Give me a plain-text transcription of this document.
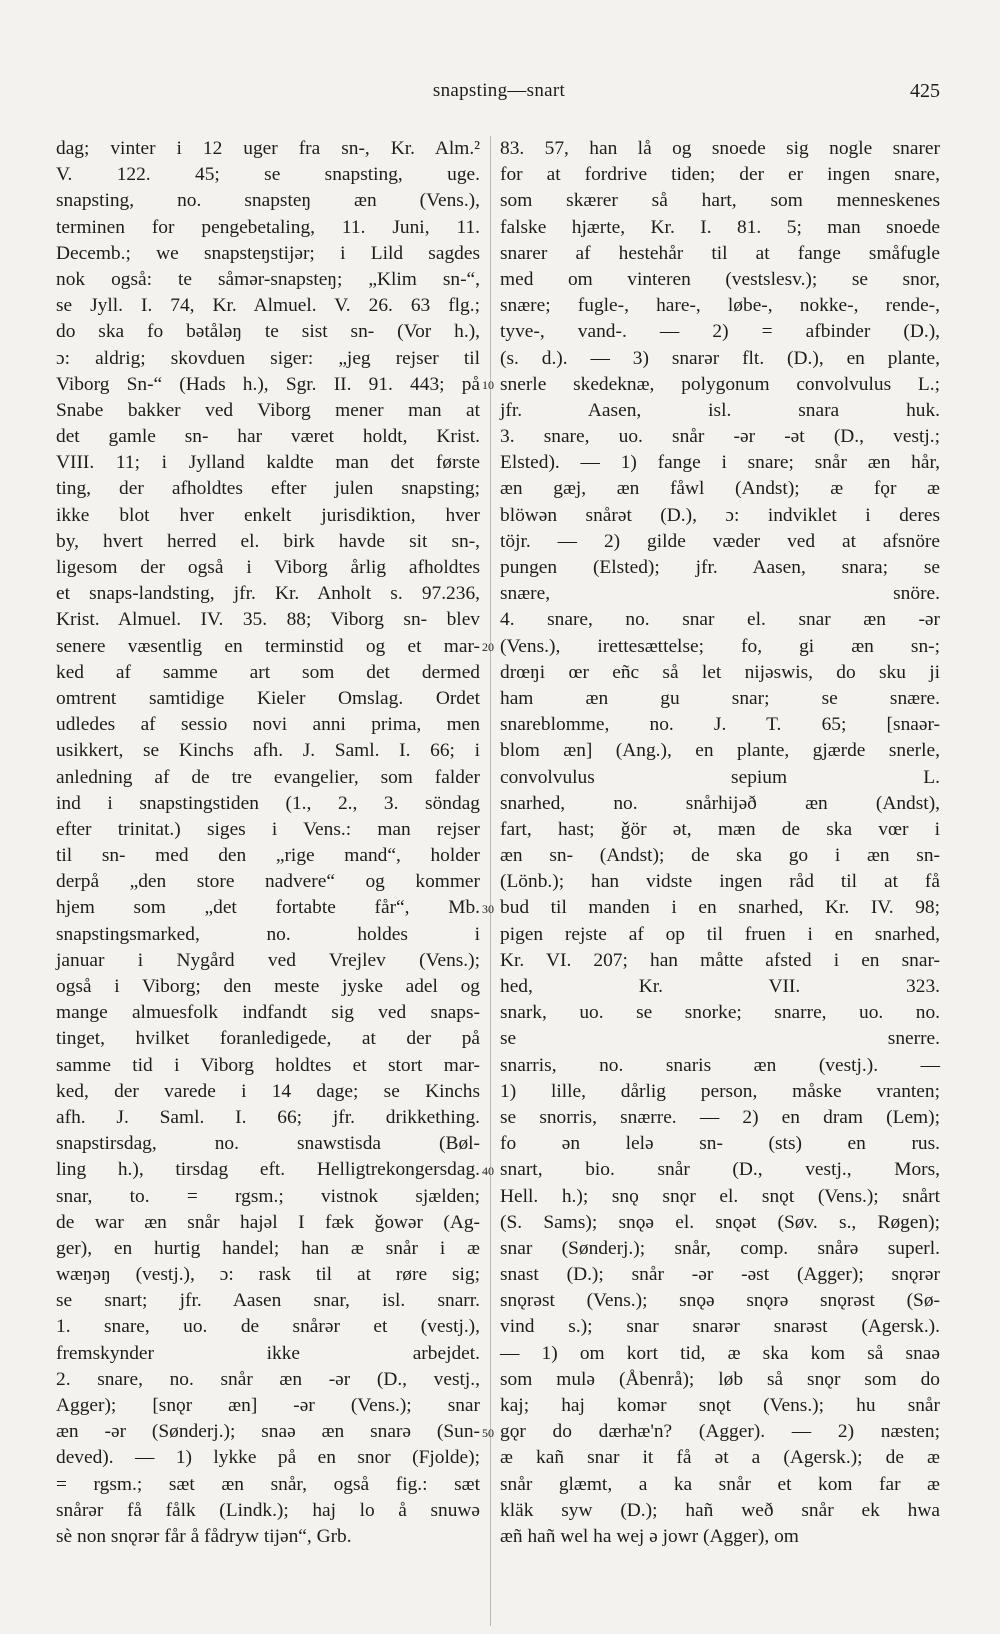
snapsting—snart	425
dag; vinter i 12 uger fra sn-, Kr. Alm.²
V. 122. 45; se snapsting, uge.
snapsting, no. snapsteŋ æn (Vens.),
terminen for pengebetaling, 11. Juni, 11.
Decemb.; we snapsteŋstijər; i Lild sagdes
nok også: te såmər-snapsteŋ; „Klim sn-“,
se Jyll. I. 74, Kr. Almuel. V. 26. 63 flg.;
do ska fo bətåləŋ te sist sn- (Vor h.),
ɔ: aldrig; skovduen siger: „jeg rejser til
Viborg Sn-“ (Hads h.), Sgr. II. 91. 443; på
Snabe bakker ved Viborg mener man at
det gamle sn- har været holdt, Krist.
VIII. 11; i Jylland kaldte man det første
ting, der afholdtes efter julen snapsting;
ikke blot hver enkelt jurisdiktion, hver
by, hvert herred el. birk havde sit sn-,
ligesom der også i Viborg årlig afholdtes
et snaps-landsting, jfr. Kr. Anholt s. 97.236,
Krist. Almuel. IV. 35. 88; Viborg sn- blev
senere væsentlig en terminstid og et mar-
ked af samme art som det dermed
omtrent samtidige Kieler Omslag. Ordet
udledes af sessio novi anni prima, men
usikkert, se Kinchs afh. J. Saml. I. 66; i
anledning af de tre evangelier, som falder
ind i snapstingstiden (1., 2., 3. söndag
efter trinitat.) siges i Vens.: man rejser
til sn- med den „rige mand“, holder
derpå „den store nadvere“ og kommer
hjem som „det fortabte får“, Mb.
snapstingsmarked, no. holdes i
januar i Nygård ved Vrejlev (Vens.);
også i Viborg; den meste jyske adel og
mange almuesfolk indfandt sig ved snaps-
tinget, hvilket foranledigede, at der på
samme tid i Viborg holdtes et stort mar-
ked, der varede i 14 dage; se Kinchs
afh. J. Saml. I. 66; jfr. drikkething.
snapstirsdag, no. snawstisda (Bøl-
ling h.), tirsdag eft. Helligtrekongersdag.
snar, to. = rgsm.; vistnok sjælden;
de war æn snår hajəl I fæk ǧowər (Ag-
ger), en hurtig handel; han æ snår i æ
wæŋəŋ (vestj.), ɔ: rask til at røre sig;
se snart; jfr. Aasen snar, isl. snarr.
1. snare, uo. de snårər et (vestj.),
fremskynder ikke arbejdet.
2. snare, no. snår æn -ər (D., vestj.,
Agger); [snǫr æn] -ər (Vens.); snar
æn -ər (Sønderj.); snaə æn snarə (Sun-
deved). — 1) lykke på en snor (Fjolde);
= rgsm.; sæt æn snår, også fig.: sæt
snårər få fålk (Lindk.); haj lo å snuwə
sè non snǫrər får å fådryw tijən“, Grb.
10
20
30
40
50
83. 57, han lå og snoede sig nogle snarer
for at fordrive tiden; der er ingen snare,
som skærer så hart, som menneskenes
falske hjærte, Kr. I. 81. 5; man snoede
snarer af hestehår til at fange småfugle
med om vinteren (vestslesv.); se snor,
snære; fugle-, hare-, løbe-, nokke-, rende-,
tyve-, vand-. — 2) = afbinder (D.),
(s. d.). — 3) snarər flt. (D.), en plante,
snerle skedeknæ, polygonum convolvulus L.;
jfr. Aasen, isl. snara huk.
3. snare, uo. snår -ər -ət (D., vestj.;
Elsted). — 1) fange i snare; snår æn hår,
æn gæj, æn fåwl (Andst); æ fǫr æ
blöwən snårət (D.), ɔ: indviklet i deres
töjr. — 2) gilde væder ved at afsnöre
pungen (Elsted); jfr. Aasen, snara; se
snære, snöre.
4. snare, no. snar el. snar æn -ər
(Vens.), irettesættelse; fo, gi æn sn-;
drœŋi œr eñc så let nijəswis, do sku ji
ham æn gu snar; se snære.
snareblomme, no. J. T. 65; [snaər-
blom æn] (Ang.), en plante, gjærde snerle,
convolvulus sepium L.
snarhed, no. snårhijəð æn (Andst),
fart, hast; ǧör ət, mæn de ska vœr i
æn sn- (Andst); de ska go i æn sn-
(Lönb.); han vidste ingen råd til at få
bud til manden i en snarhed, Kr. IV. 98;
pigen rejste af op til fruen i en snarhed,
Kr. VI. 207; han måtte afsted i en snar-
hed, Kr. VII. 323.
snark, uo. se snorke; snarre, uo. no.
se snerre.
snarris, no. snaris æn (vestj.). —
1) lille, dårlig person, måske vranten;
se snorris, snærre. — 2) en dram (Lem);
fo ən lelə sn- (sts) en rus.
snart, bio. snår (D., vestj., Mors,
Hell. h.); snǫ snǫr el. snǫt (Vens.); snårt
(S. Sams); snǫə el. snǫət (Søv. s., Røgen);
snar (Sønderj.); snår, comp. snårə superl.
snast (D.); snår -ər -əst (Agger); snǫrər
snǫrəst (Vens.); snǫə snǫrə snǫrəst (Sø-
vind s.); snar snarər snarəst (Agersk.).
— 1) om kort tid, æ ska kom så snaə
som mulə (Åbenrå); løb så snǫr som do
kaj; haj komər snǫt (Vens.); hu snår
gǫr do dærhæ'n? (Agger). — 2) næsten;
æ kañ snar it få ət a (Agersk.); de æ
snår glæmt, a ka snår et kom far æ
kläk syw (D.); hañ weð snår ek hwa
æñ hañ wel ha wej ə jowr (Agger), om
